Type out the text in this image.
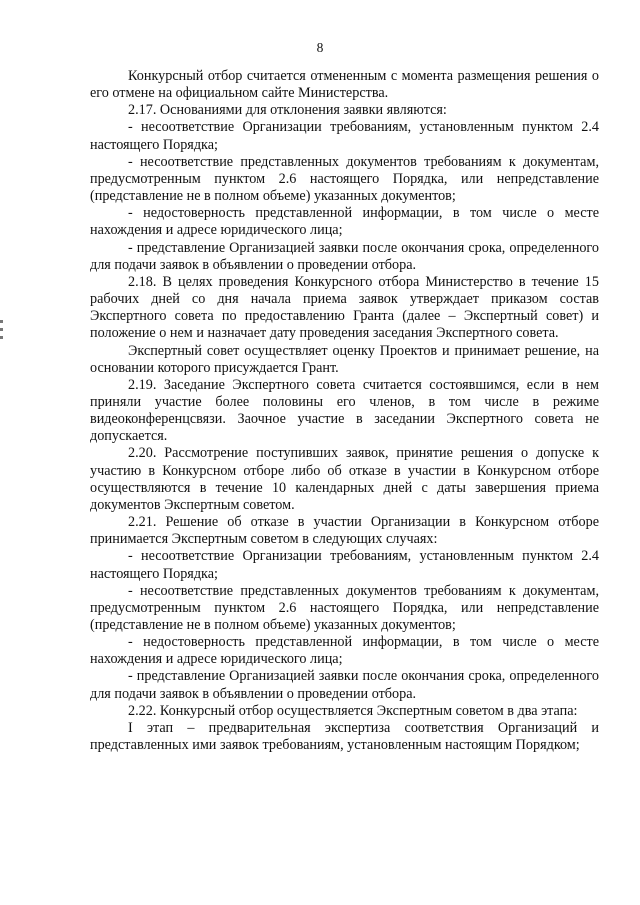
8

Конкурсный отбор считается отмененным с момента размещения решения о его отмене на официальном сайте Министерства.

2.17. Основаниями для отклонения заявки являются:

- несоответствие Организации требованиям, установленным пунктом 2.4 настоящего Порядка;

- несоответствие представленных документов требованиям к документам, предусмотренным пунктом 2.6 настоящего Порядка, или непредставление (представление не в полном объеме) указанных документов;

- недостоверность представленной информации, в том числе о месте нахождения и адресе юридического лица;

- представление Организацией заявки после окончания срока, определенного для подачи заявок в объявлении о проведении отбора.

2.18. В целях проведения Конкурсного отбора Министерство в течение 15 рабочих дней со дня начала приема заявок утверждает приказом состав Экспертного совета по предоставлению Гранта (далее – Экспертный совет) и положение о нем и назначает дату проведения заседания Экспертного совета.

Экспертный совет осуществляет оценку Проектов и принимает решение, на основании которого присуждается Грант.

2.19. Заседание Экспертного совета считается состоявшимся, если в нем приняли участие более половины его членов, в том числе в режиме видеоконференцсвязи. Заочное участие в заседании Экспертного совета не допускается.

2.20. Рассмотрение поступивших заявок, принятие решения о допуске к участию в Конкурсном отборе либо об отказе в участии в Конкурсном отборе осуществляются в течение 10 календарных дней с даты завершения приема документов Экспертным советом.

2.21. Решение об отказе в участии Организации в Конкурсном отборе принимается Экспертным советом в следующих случаях:

- несоответствие Организации требованиям, установленным пунктом 2.4 настоящего Порядка;

- несоответствие представленных документов требованиям к документам, предусмотренным пунктом 2.6 настоящего Порядка, или непредставление (представление не в полном объеме) указанных документов;

- недостоверность представленной информации, в том числе о месте нахождения и адресе юридического лица;

- представление Организацией заявки после окончания срока, определенного для подачи заявок в объявлении о проведении отбора.

2.22. Конкурсный отбор осуществляется Экспертным советом в два этапа:

I этап – предварительная экспертиза соответствия Организаций и представленных ими заявок требованиям, установленным настоящим Порядком;
